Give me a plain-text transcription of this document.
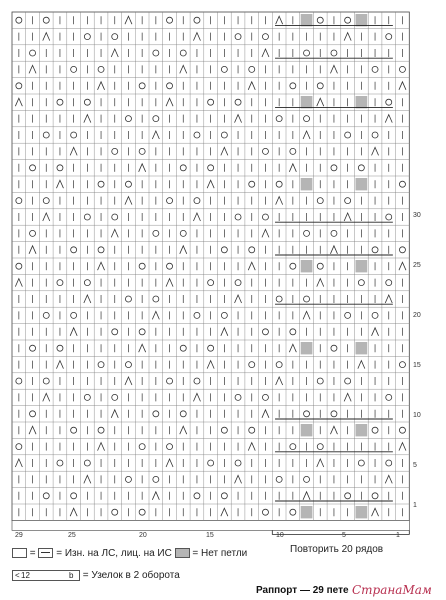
29	25	20	15	10	5	1
30
25
20
15
10
5
1
Повторить 20 рядов
= = Изн. на ЛС, лиц. на ИС = Нет петли
< 12	b = Узелок в 2 оборота
Раппорт — 29 пете СтранаМам
